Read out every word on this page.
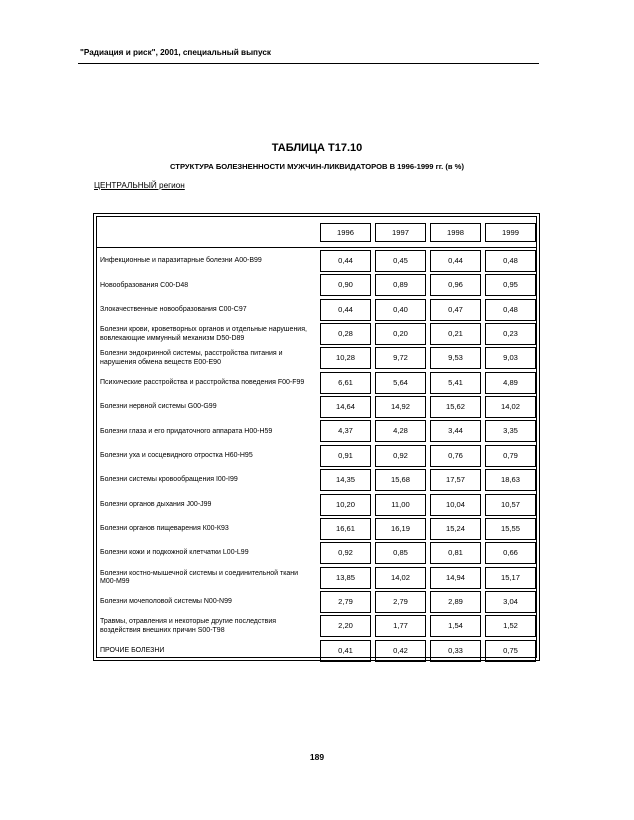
"Радиация и риск", 2001, специальный выпуск
ТАБЛИЦА Т17.10
СТРУКТУРА БОЛЕЗНЕННОСТИ МУЖЧИН-ЛИКВИДАТОРОВ В 1996-1999 гг. (в %)
ЦЕНТРАЛЬНЫЙ регион
1996	1997	1998	1999
Инфекционные и паразитарные болезни А00-В99	0,44	0,45	0,44	0,48
Новообразования С00-D48	0,90	0,89	0,96	0,95
Злокачественные новообразования С00-С97	0,44	0,40	0,47	0,48
Болезни крови, кроветворных органов и отдельные нарушения, вовлекающие иммунный механизм D50-D89	0,28	0,20	0,21	0,23
Болезни эндокринной системы, расстройства питания и нарушения обмена веществ Е00-Е90	10,28	9,72	9,53	9,03
Психические расстройства и расстройства поведения F00-F99	6,61	5,64	5,41	4,89
Болезни нервной системы G00-G99	14,64	14,92	15,62	14,02
Болезни глаза и его придаточного аппарата Н00-Н59	4,37	4,28	3,44	3,35
Болезни уха и сосцевидного отростка Н60-Н95	0,91	0,92	0,76	0,79
Болезни системы кровообращения I00-I99	14,35	15,68	17,57	18,63
Болезни органов дыхания J00-J99	10,20	11,00	10,04	10,57
Болезни органов пищеварения К00-К93	16,61	16,19	15,24	15,55
Болезни кожи и подкожной клетчатки L00-L99	0,92	0,85	0,81	0,66
Болезни костно-мышечной системы и соединительной ткани М00-М99	13,85	14,02	14,94	15,17
Болезни мочеполовой системы N00-N99	2,79	2,79	2,89	3,04
Травмы, отравления и некоторые другие последствия воздействия внешних причин S00-T98	2,20	1,77	1,54	1,52
ПРОЧИЕ БОЛЕЗНИ	0,41	0,42	0,33	0,75
189
